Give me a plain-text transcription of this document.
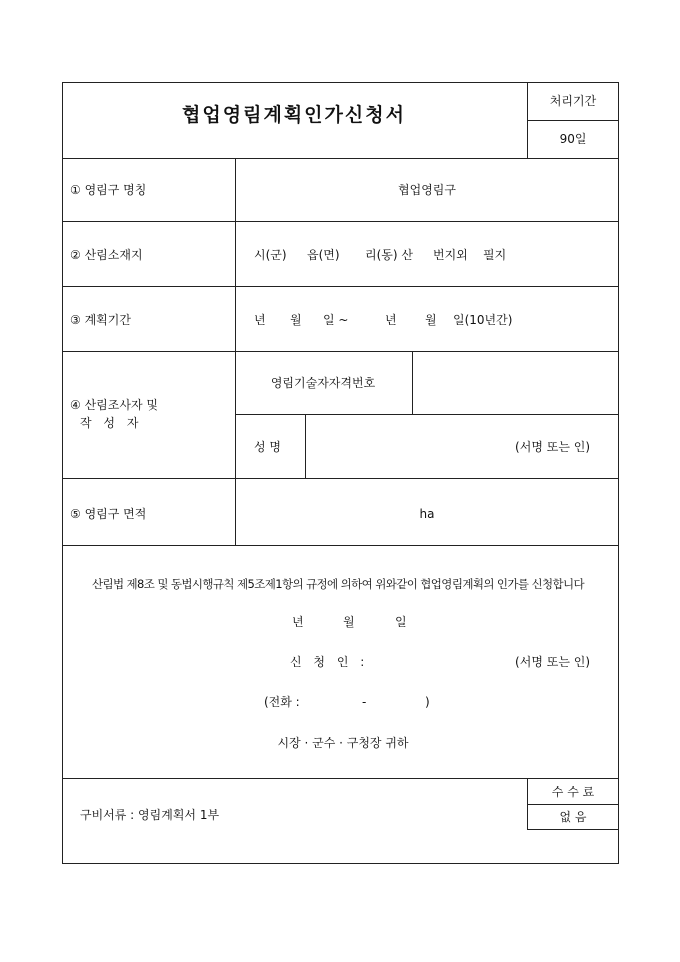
협업영림계획인가신청서
처리기간
90일
① 영림구 명칭	협업영림구
② 산림소재지	시(군) 읍(면) 리(동) 산 번지외 필지
③ 계획기간	년 월 일 ~	년 월 일(10년간)
④ 산림조사자 및
작 성 자
영림기술자자격번호
성 명	(서명 또는 인)
⑤ 영림구 면적	ha
산림법 제8조 및 동법시행규칙 제5조제1항의 규정에 의하여 위와같이 협업영림계획의 인가를 신청합니다
년	월	일
신 청 인 :	(서명 또는 인)
(전화 :	-	)
시장 · 군수 · 구청장 귀하
구비서류 : 영림계획서 1부
수 수 료
없 음
